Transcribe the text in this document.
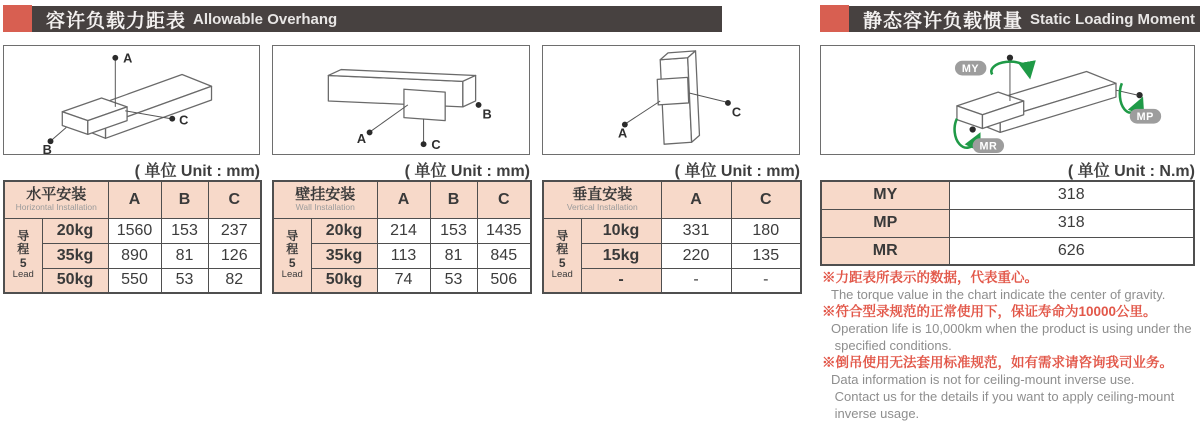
容许负载力距表 Allowable Overhang	静态容许负载惯量 Static Loading Moment
A
B
C
A	C
B
A
C
MY
MP
MR
( 单位 Unit : mm)	( 单位 Unit : mm)	( 单位 Unit : mm)	( 单位 Unit : N.m)
水平安装
Horizontal Installation		A	B	C

导
程
5
Lead	20kg	1560	153	237
	35kg	890	81	126
	50kg	550	53	82
壁挂安装
Wall Installation		A	B	C

导
程
5
Lead	20kg	214	153	1435
	35kg	113	81	845
	50kg	74	53	506
垂直安装
Vertical Installation		A	C

导
程
5
Lead	10kg	331	180
	15kg	220	135
	-	-	-
MY	318
MP	318
MR	626
※力距表所表示的数据，代表重心。
The torque value in the chart indicate the center of gravity.
※符合型录规范的正常使用下，保证寿命为10000公里。
Operation life is 10,000km when the product is using under the
specified conditions.
※倒吊使用无法套用标准规范，如有需求请咨询我司业务。
Data information is not for ceiling-mount inverse use.
Contact us for the details if you want to apply ceiling-mount
inverse usage.
